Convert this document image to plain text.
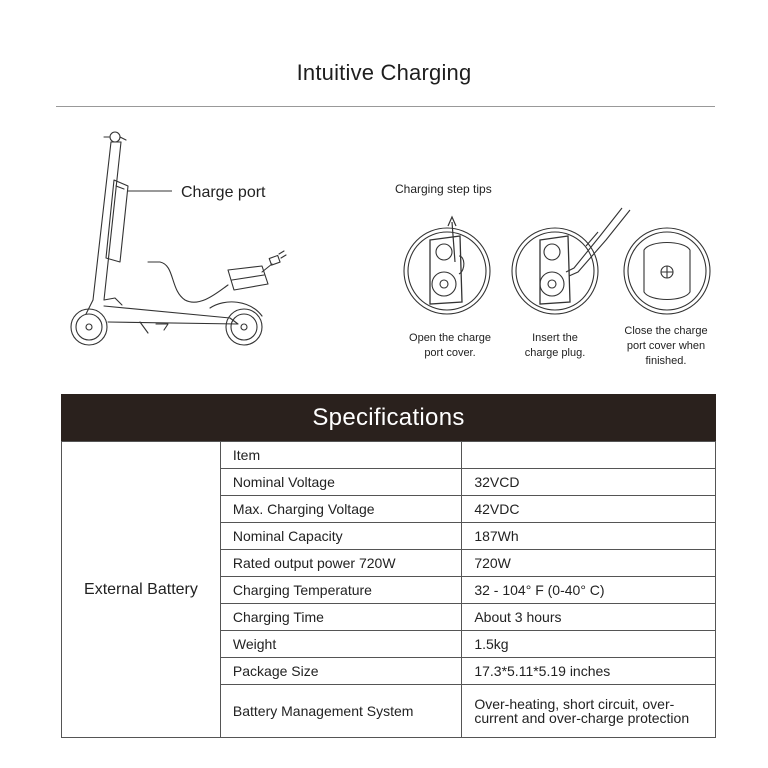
Intuitive Charging
Charge port	Charging step tips
Open the charge port cover.
Insert the charge plug.
Close the charge port cover when finished.
Specifications
External Battery	Item	
	Nominal Voltage	32VCD
	Max. Charging Voltage	42VDC
	Nominal Capacity	187Wh
	Rated output power 720W	720W
	Charging Temperature	32 - 104° F (0-40° C)
	Charging Time	About 3 hours
	Weight	1.5kg
	Package Size	17.3*5.11*5.19 inches
	Battery Management System	Over-heating, short circuit, over-current and over-charge protection
